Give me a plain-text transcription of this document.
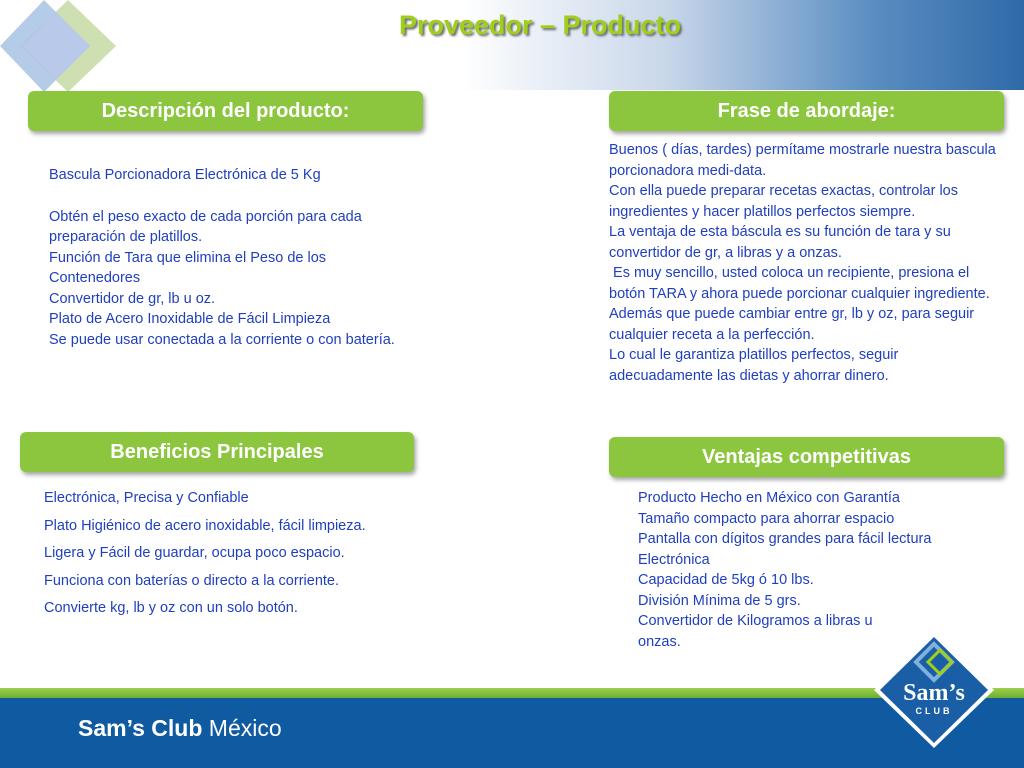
Proveedor – Producto
Descripción del producto:

Bascula Porcionadora Electrónica de 5 Kg

Obtén el peso exacto de cada porción para cada preparación de platillos.

Función de Tara que elimina el Peso de los Contenedores

Convertidor de gr, lb u oz.

Plato de Acero Inoxidable de Fácil Limpieza

Se puede usar conectada a la corriente o con batería.

Frase de abordaje:

Buenos ( días, tardes) permítame mostrarle nuestra bascula porcionadora medi-data.

Con ella puede preparar recetas exactas, controlar los ingredientes y hacer platillos perfectos siempre.

La ventaja de esta báscula es su función de tara y su convertidor de gr, a libras y a onzas.

Es muy sencillo, usted coloca un recipiente, presiona el botón TARA y ahora puede porcionar cualquier ingrediente.

Además que puede cambiar entre gr, lb y oz, para seguir cualquier receta a la perfección.

Lo cual le garantiza platillos perfectos, seguir adecuadamente las dietas y ahorrar dinero.

Beneficios Principales

Electrónica, Precisa y Confiable

Plato Higiénico de acero inoxidable, fácil limpieza.

Ligera y Fácil de guardar, ocupa poco espacio.

Funciona con baterías o directo a la corriente.

Convierte kg, lb y oz con un solo botón.

Ventajas competitivas

Producto Hecho en México con Garantía

Tamaño compacto para ahorrar espacio

Pantalla con dígitos grandes para fácil lectura Electrónica

Capacidad de 5kg ó 10 lbs.

División Mínima de 5 grs.

Convertidor de Kilogramos a libras u onzas.

Sam’s Club México
Sam’s
CLUB
